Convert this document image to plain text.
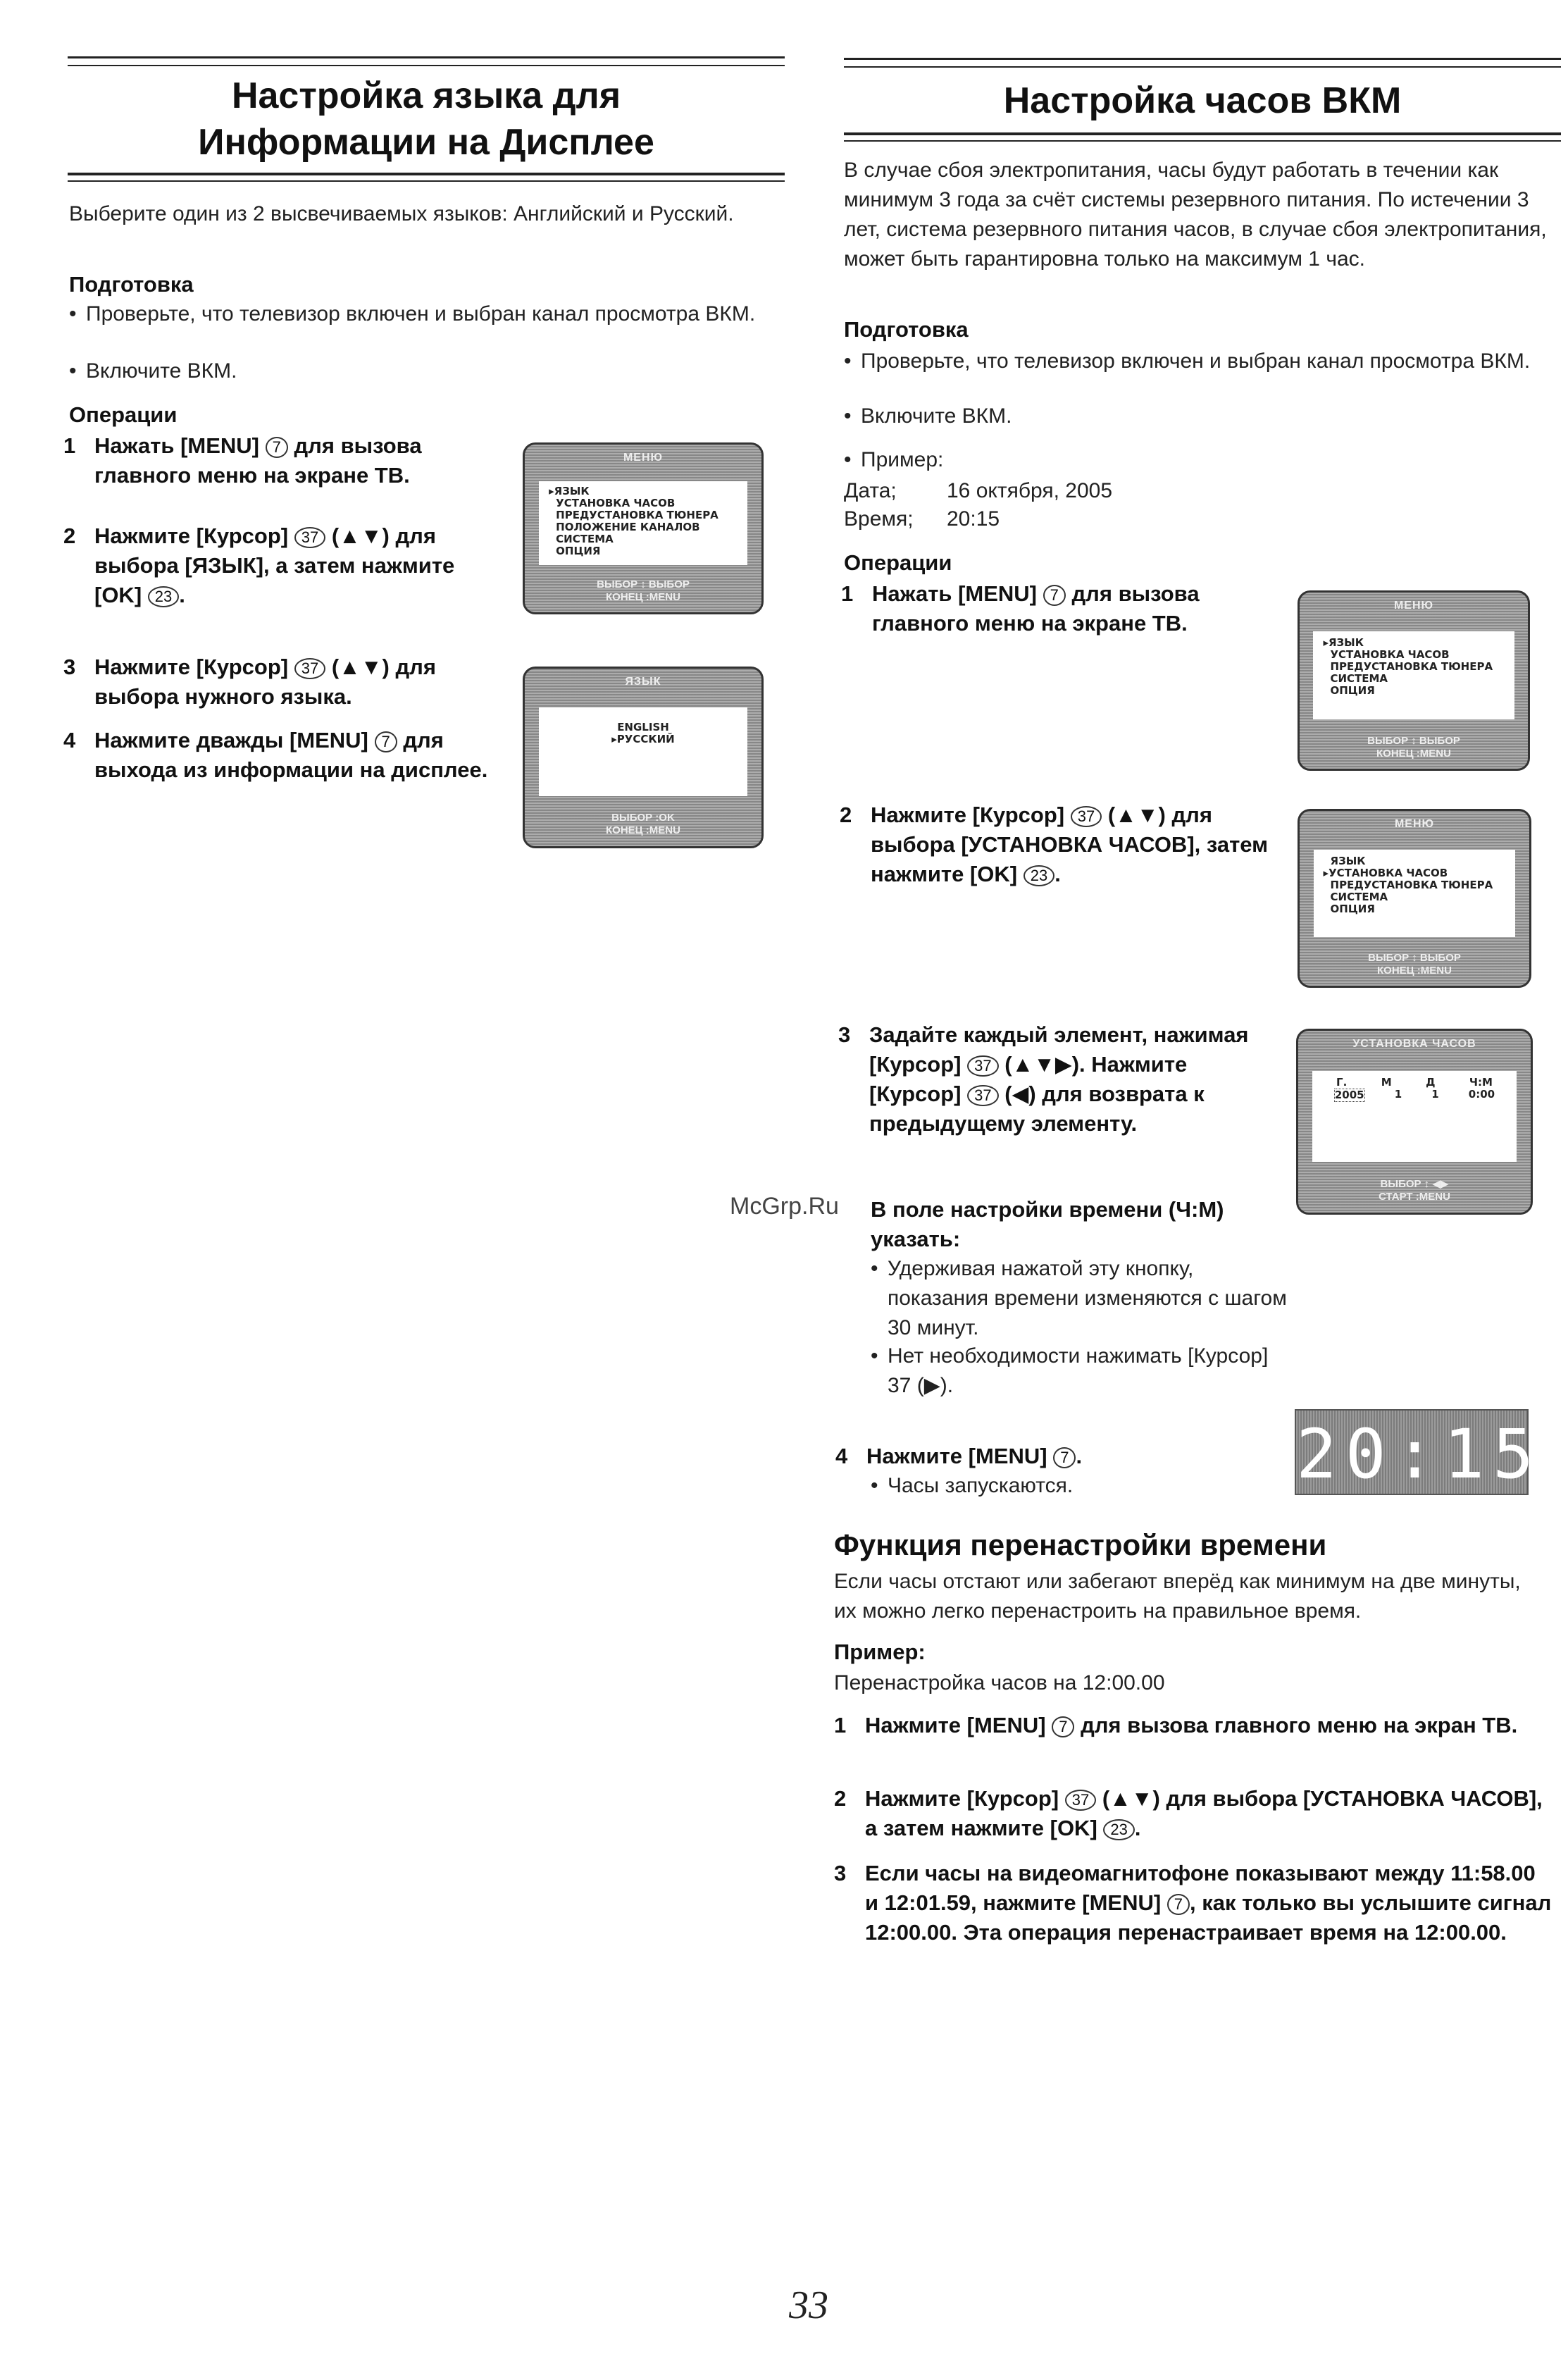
Настройка языка для
Информации на Дисплее
Выберите один из 2 высвечиваемых языков: Английский и Русский.
Подготовка
• Проверьте, что телевизор включен и выбран канал просмотра ВКМ.
• Включите ВКМ.
Операции
1 Нажать [MENU] 7 для вызова главного меню на экране ТВ.
2 Нажмите [Курсор] 37 (▲▼) для выбора [ЯЗЫК], а затем нажмите [OK] 23 .
3 Нажмите [Курсор] 37 (▲▼) для выбора нужного языка.
4 Нажмите дважды [MENU] 7 для выхода из информации на дисплее.
МЕНЮ
▸ЯЗЫК
УСТАНОВКА ЧАСОВ
ПРЕДУСТАНОВКА ТЮНЕРА
ПОЛОЖЕНИЕ КАНАЛОВ
СИСТЕМА
ОПЦИЯ
ВЫБОР ↕ ВЫБОР
КОНЕЦ :MENU
ЯЗЫК
ENGLISH
▸РУССКИЙ
ВЫБОР :OK
КОНЕЦ :MENU
Настройка часов ВКМ
В случае сбоя электропитания, часы будут работать в течении как минимум 3 года за счёт системы резервного питания. По истечении 3 лет, система резервного питания часов, в случае сбоя электропитания, может быть гарантировна только на максимум 1 час.
Подготовка
• Проверьте, что телевизор включен и выбран канал просмотра ВКМ.
• Включите ВКМ.
• Пример:
Дата; 16 октября, 2005
Время; 20:15
Операции
1 Нажать [MENU] 7 для вызова главного меню на экране ТВ.
2 Нажмите [Курсор] 37 (▲▼) для выбора [УСТАНОВКА ЧАСОВ], затем нажмите [OK] 23 .
3 Задайте каждый элемент, нажимая [Курсор] 37 (▲▼▶). Нажмите [Курсор] 37 (◀) для возврата к предыдущему элементу.
McGrp.Ru В поле настройки времени (Ч:М) указать:
• Удерживая нажатой эту кнопку, показания времени изменяются с шагом 30 минут.
• Нет необходимости нажимать [Курсор] 37 (▶).
4 Нажмите [MENU] 7 .
• Часы запускаются.
МЕНЮ
▸ЯЗЫК
УСТАНОВКА ЧАСОВ
ПРЕДУСТАНОВКА ТЮНЕРА
СИСТЕМА
ОПЦИЯ
ВЫБОР ↕ ВЫБОР
КОНЕЦ :MENU
МЕНЮ
ЯЗЫК
▸УСТАНОВКА ЧАСОВ
ПРЕДУСТАНОВКА ТЮНЕРА
СИСТЕМА
ОПЦИЯ
ВЫБОР ↕ ВЫБОР
КОНЕЦ :MENU
УСТАНОВКА ЧАСОВ
Г.	М	Д	Ч:М
2005	1	1	0:00
ВЫБОР ↕ ◀▶
СТАРТ :MENU
20:15
Функция перенастройки времени
Если часы отстают или забегают вперёд как минимум на две минуты, их можно легко перенастроить на правильное время.
Пример:
Перенастройка часов на 12:00.00
1 Нажмите [MENU] 7 для вызова главного меню на экран ТВ.
2 Нажмите [Курсор] 37 (▲▼) для выбора [УСТАНОВКА ЧАСОВ], а затем нажмите [OK] 23 .
3 Если часы на видеомагнитофоне показывают между 11:58.00 и 12:01.59, нажмите [MENU] 7 , как только вы услышите сигнал 12:00.00. Эта операция перенастраивает время на 12:00.00.
33
